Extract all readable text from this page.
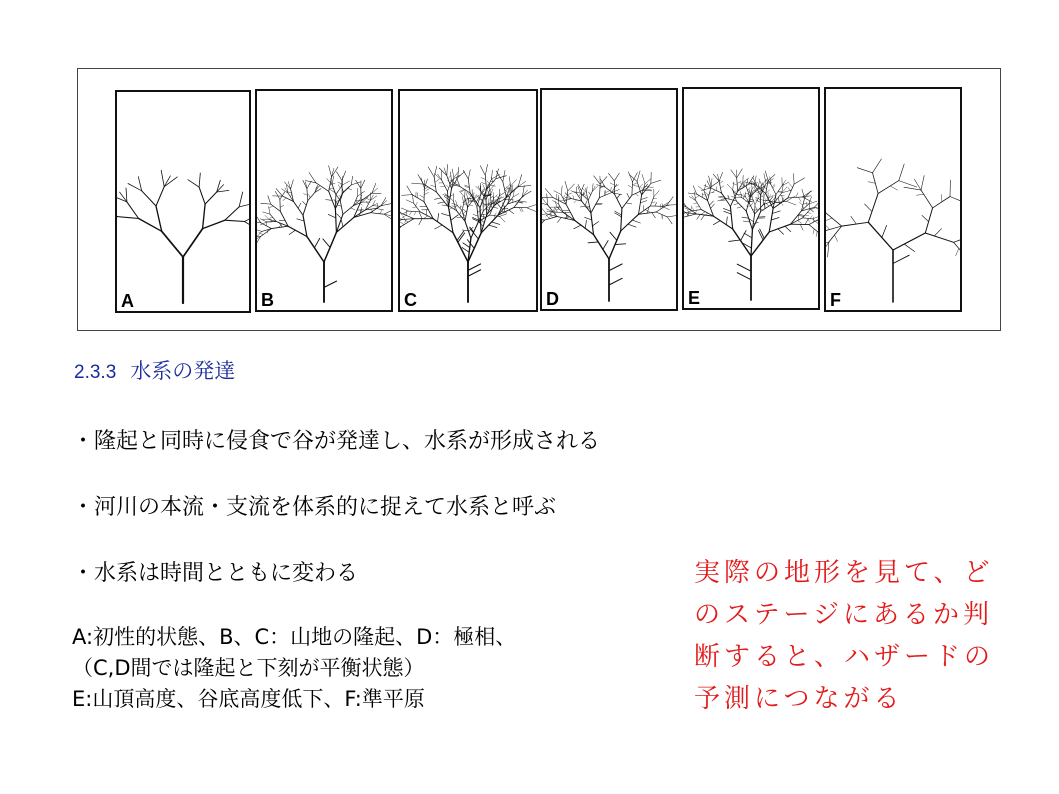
A	B	C	D	E	F
2.3.3 水系の発達
・隆起と同時に侵食で谷が発達し、水系が形成される
・河川の本流・支流を体系的に捉えて水系と呼ぶ
・水系は時間とともに変わる
A:初性的状態、B、C：山地の隆起、D：極相、
（C,D間では隆起と下刻が平衡状態）
E:山頂高度、谷底高度低下、F:準平原
実際の地形を見て、ど
のステージにあるか判
断すると、ハザードの
予測につながる
